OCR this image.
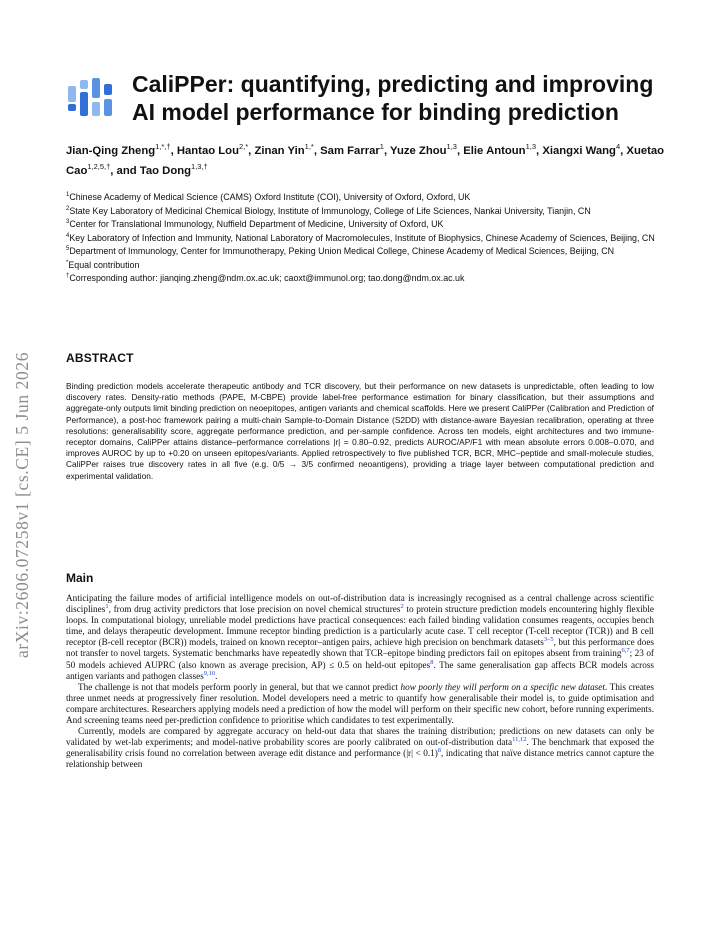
arXiv:2606.07258v1 [cs.CE] 5 Jun 2026
CaliPPer: quantifying, predicting and improving
AI model performance for binding prediction
Jian-Qing Zheng$^{1,*,\dagger}$, Hantao Lou$^{2,*}$, Zinan Yin$^{1,*}$, Sam Farrar$^1$, Yuze Zhou$^{1,3}$, Elie Antoun$^{1,3}$, Xiangxi Wang$^4$, Xuetao Cao$^{1,2,5,\dagger}$, and Tao Dong$^{1,3,\dagger}$
$^1$Chinese Academy of Medical Science (CAMS) Oxford Institute (COI), University of Oxford, Oxford, UK
$^2$State Key Laboratory of Medicinal Chemical Biology, Institute of Immunology, College of Life Sciences, Nankai University, Tianjin, CN
$^3$Center for Translational Immunology, Nuffield Department of Medicine, University of Oxford, UK
$^4$Key Laboratory of Infection and Immunity, National Laboratory of Macromolecules, Institute of Biophysics, Chinese Academy of Sciences, Beijing, CN
$^5$Department of Immunology, Center for Immunotherapy, Peking Union Medical College, Chinese Academy of Medical Sciences, Beijing, CN
*Equal contribution
†Corresponding author: jianqing.zheng@ndm.ox.ac.uk; caoxt@immunol.org; tao.dong@ndm.ox.ac.uk
ABSTRACT
Binding prediction models accelerate therapeutic antibody and TCR discovery, but their performance on new datasets is unpredictable, often leading to low discovery rates. Density-ratio methods (PAPE, M-CBPE) provide label-free performance estimation for binary classification, but their assumptions and aggregate-only outputs limit binding prediction on neoepitopes, antigen variants and chemical scaffolds. Here we present CaliPPer (Calibration and Prediction of Performance), a post-hoc framework pairing a multi-chain Sample-to-Domain Distance (S2DD) with distance-aware Bayesian recalibration, operating at three resolutions: generalisability score, aggregate performance prediction, and per-sample confidence. Across ten models, eight architectures and two immune-receptor domains, CaliPPer attains distance–performance correlations |r| = 0.80–0.92, predicts AUROC/AP/F1 with mean absolute errors 0.008–0.070, and improves AUROC by up to +0.20 on unseen epitopes/variants. Applied retrospectively to five published TCR, BCR, MHC–peptide and small-molecule studies, CaliPPer raises true discovery rates in all five (e.g. 0/5 → 3/5 confirmed neoantigens), providing a triage layer between computational prediction and experimental validation.
Main

Anticipating the failure modes of artificial intelligence models on out-of-distribution data is increasingly recognised as a central challenge across scientific disciplines$^1$, from drug activity predictors that lose precision on novel chemical structures$^2$ to protein structure prediction models encountering highly flexible loops. In computational biology, unreliable model predictions have practical consequences: each failed binding validation consumes reagents, occupies bench time, and delays therapeutic development. Immune receptor binding prediction is a particularly acute case. T cell receptor (T-cell receptor (TCR)) and B cell receptor (B-cell receptor (BCR)) models, trained on known receptor–antigen pairs, achieve high precision on benchmark datasets$^{3-5}$, but this performance does not transfer to novel targets. Systematic benchmarks have repeatedly shown that TCR–epitope binding predictors fail on epitopes absent from training$^{6,7}$; 23 of 50 models achieved AUPRC (also known as average precision, AP) ≤ 0.5 on held-out epitopes$^8$. The same generalisation gap affects BCR models across antigen variants and pathogen classes$^{9,10}$.

The challenge is not that models perform poorly in general, but that we cannot predict how poorly they will perform on a specific new dataset. This creates three unmet needs at progressively finer resolution. Model developers need a metric to quantify how generalisable their model is, to guide optimisation and compare architectures. Researchers applying models need a prediction of how the model will perform on their specific new cohort, before running experiments. And screening teams need per-prediction confidence to prioritise which candidates to test experimentally.

Currently, models are compared by aggregate accuracy on held-out data that shares the training distribution; predictions on new datasets can only be validated by wet-lab experiments; and model-native probability scores are poorly calibrated on out-of-distribution data$^{11,12}$. The benchmark that exposed the generalisability crisis found no correlation between average edit distance and performance (|r| < 0.1)$^8$, indicating that naïve distance metrics cannot capture the relationship between
